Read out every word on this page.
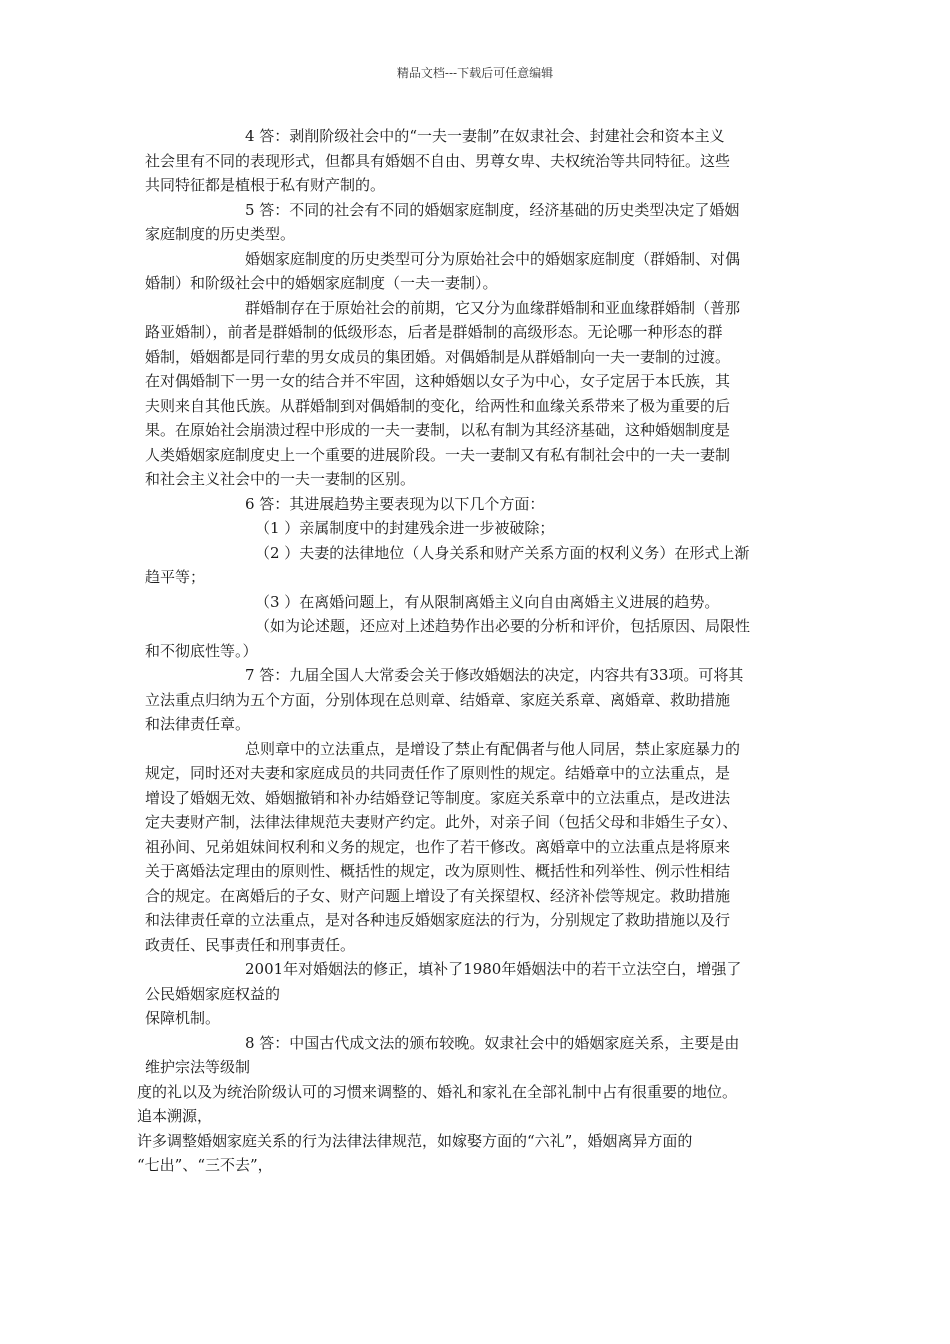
精品文档---下载后可任意编辑

4 答：剥削阶级社会中的“一夫一妻制”在奴隶社会、封建社会和资本主义
社会里有不同的表现形式，但都具有婚姻不自由、男尊女卑、夫权统治等共同特征。这些
共同特征都是植根于私有财产制的。

5 答：不同的社会有不同的婚姻家庭制度，经济基础的历史类型决定了婚姻
家庭制度的历史类型。

婚姻家庭制度的历史类型可分为原始社会中的婚姻家庭制度（群婚制、对偶
婚制）和阶级社会中的婚姻家庭制度（一夫一妻制）。

群婚制存在于原始社会的前期，它又分为血缘群婚制和亚血缘群婚制（普那
路亚婚制），前者是群婚制的低级形态，后者是群婚制的高级形态。无论哪一种形态的群
婚制，婚姻都是同行辈的男女成员的集团婚。对偶婚制是从群婚制向一夫一妻制的过渡。
在对偶婚制下一男一女的结合并不牢固，这种婚姻以女子为中心，女子定居于本氏族，其
夫则来自其他氏族。从群婚制到对偶婚制的变化，给两性和血缘关系带来了极为重要的后
果。在原始社会崩溃过程中形成的一夫一妻制，以私有制为其经济基础，这种婚姻制度是
人类婚姻家庭制度史上一个重要的进展阶段。一夫一妻制又有私有制社会中的一夫一妻制
和社会主义社会中的一夫一妻制的区别。

6 答：其进展趋势主要表现为以下几个方面：

（1 ）亲属制度中的封建残余进一步被破除；

（2 ）夫妻的法律地位（人身关系和财产关系方面的权利义务）在形式上渐
趋平等；

（3 ）在离婚问题上，有从限制离婚主义向自由离婚主义进展的趋势。

（如为论述题，还应对上述趋势作出必要的分析和评价，包括原因、局限性
和不彻底性等。）

7 答：九届全国人大常委会关于修改婚姻法的决定，内容共有33项。可将其
立法重点归纳为五个方面，分别体现在总则章、结婚章、家庭关系章、离婚章、救助措施
和法律责任章。

总则章中的立法重点，是增设了禁止有配偶者与他人同居，禁止家庭暴力的
规定，同时还对夫妻和家庭成员的共同责任作了原则性的规定。结婚章中的立法重点，是
增设了婚姻无效、婚姻撤销和补办结婚登记等制度。家庭关系章中的立法重点，是改进法
定夫妻财产制，法律法律规范夫妻财产约定。此外，对亲子间（包括父母和非婚生子女）、
祖孙间、兄弟姐妹间权利和义务的规定，也作了若干修改。离婚章中的立法重点是将原来
关于离婚法定理由的原则性、概括性的规定，改为原则性、概括性和列举性、例示性相结
合的规定。在离婚后的子女、财产问题上增设了有关探望权、经济补偿等规定。救助措施
和法律责任章的立法重点，是对各种违反婚姻家庭法的行为，分别规定了救助措施以及行
政责任、民事责任和刑事责任。

2001年对婚姻法的修正，填补了1980年婚姻法中的若干立法空白，增强了
公民婚姻家庭权益的

保障机制。

8 答：中国古代成文法的颁布较晚。奴隶社会中的婚姻家庭关系，主要是由
维护宗法等级制

度的礼以及为统治阶级认可的习惯来调整的、婚礼和家礼在全部礼制中占有很重要的地位。
追本溯源，
许多调整婚姻家庭关系的行为法律法律规范，如嫁娶方面的“六礼”，婚姻离异方面的
“七出”、“三不去”，
